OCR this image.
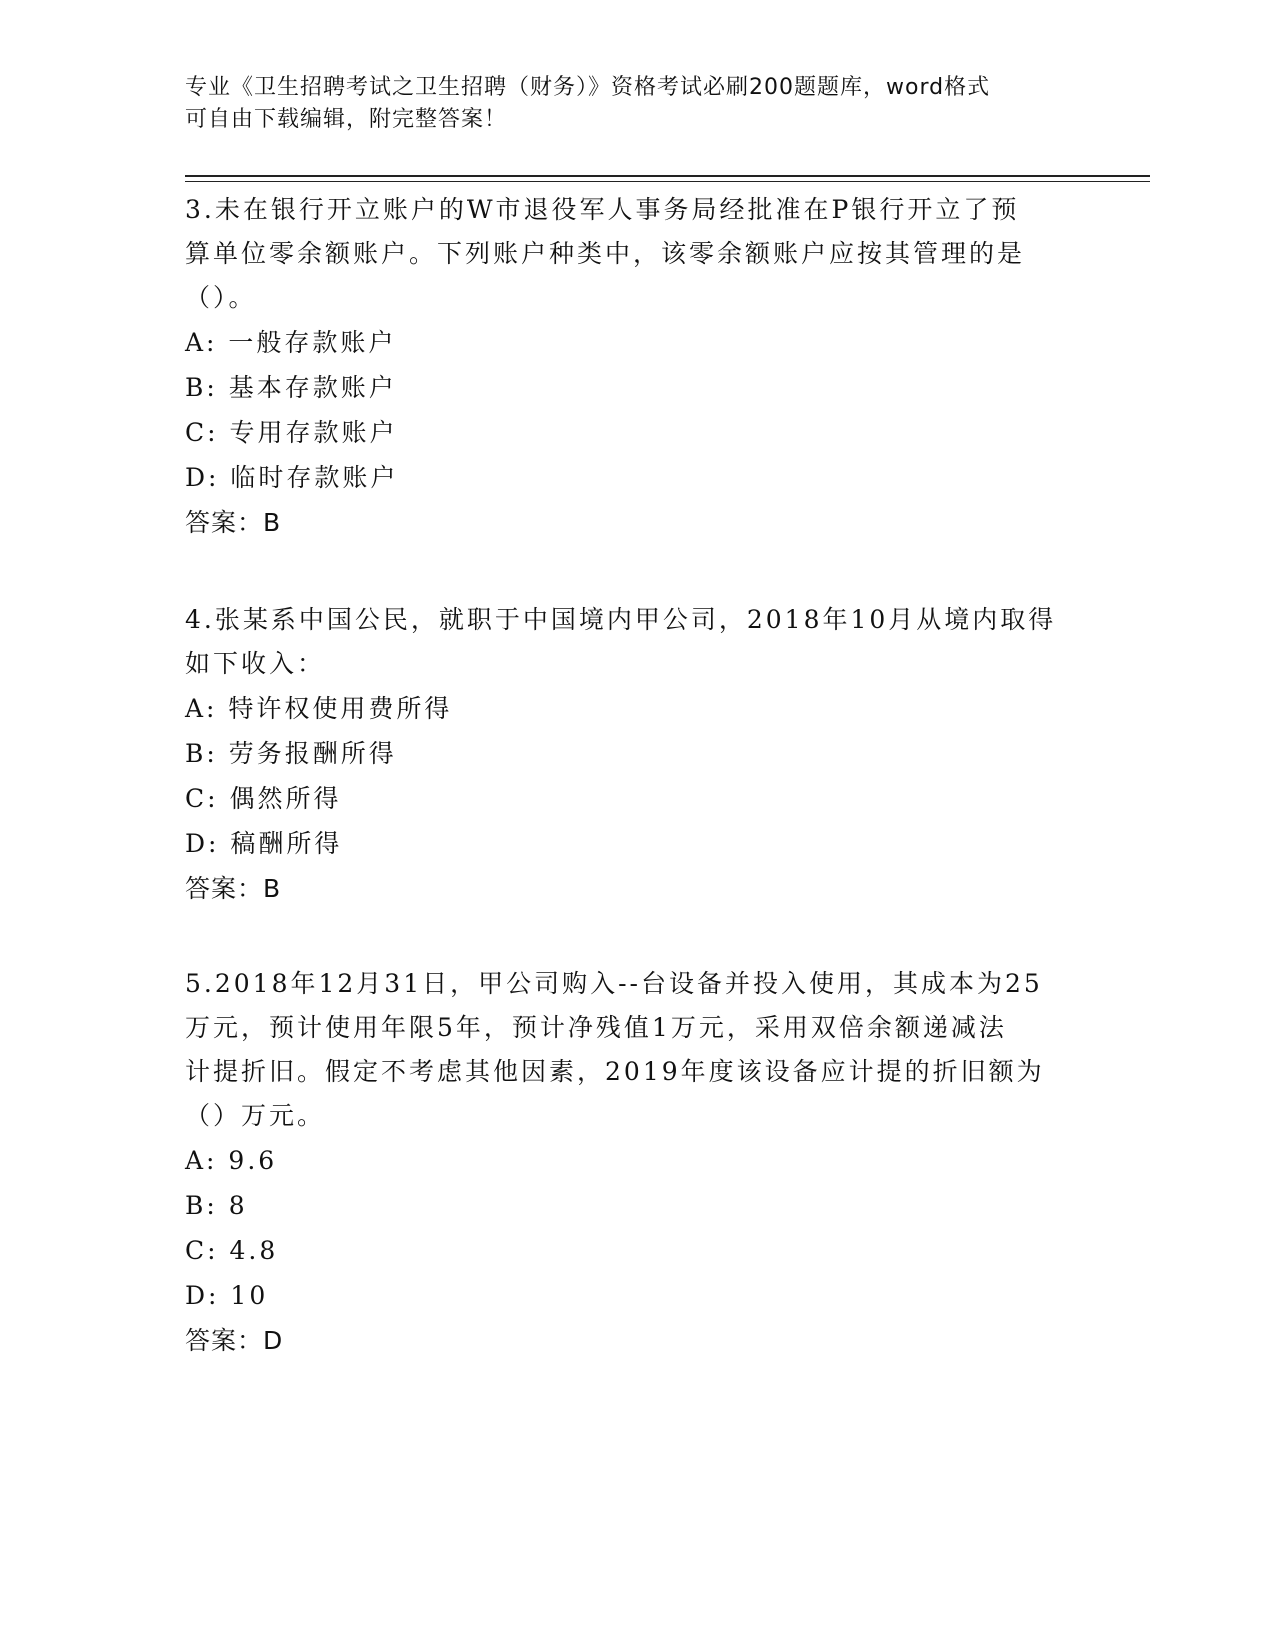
专业《卫生招聘考试之卫生招聘（财务）》资格考试必刷200题题库，word格式
可自由下载编辑，附完整答案！

3.未在银行开立账户的W市退役军人事务局经批准在P银行开立了预

算单位零余额账户。下列账户种类中，该零余额账户应按其管理的是

（）。

A: 一般存款账户

B: 基本存款账户

C: 专用存款账户

D: 临时存款账户

答案：B

4.张某系中国公民，就职于中国境内甲公司，2018年10月从境内取得

如下收入：

A: 特许权使用费所得

B: 劳务报酬所得

C: 偶然所得

D: 稿酬所得

答案：B

5.2018年12月31日，甲公司购入--台设备并投入使用，其成本为25

万元，预计使用年限5年，预计净残值1万元，采用双倍余额递减法

计提折旧。假定不考虑其他因素，2019年度该设备应计提的折旧额为

（）万元。

A: 9.6

B: 8

C: 4.8

D: 10

答案：D
